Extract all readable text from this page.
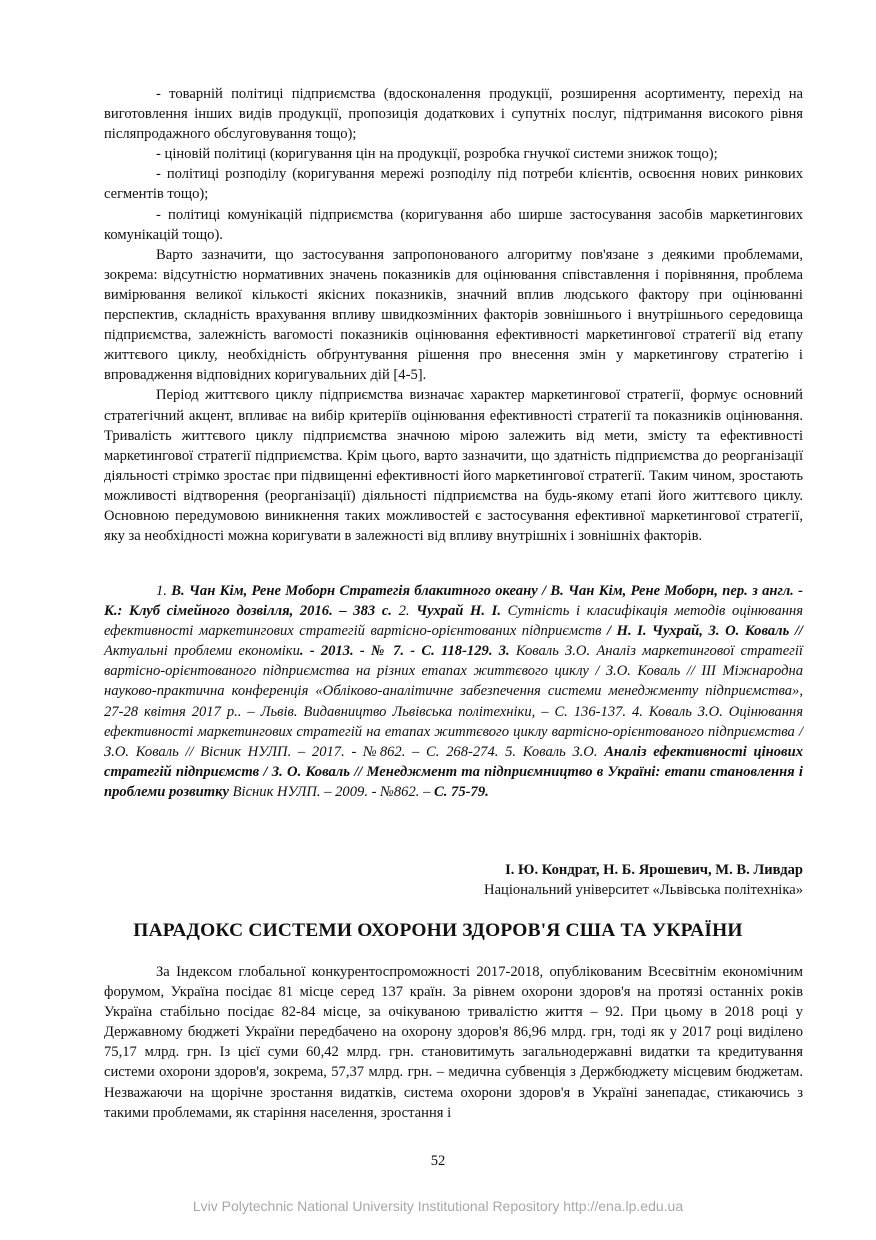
- товарній політиці підприємства (вдосконалення продукції, розширення асортименту, перехід на виготовлення інших видів продукції, пропозиція додаткових і супутніх послуг, підтримання високого рівня післяпродажного обслуговування тощо);

- ціновій політиці (коригування цін на продукції, розробка гнучкої системи знижок тощо);

- політиці розподілу (коригування мережі розподілу під потреби клієнтів, освоєння нових ринкових сегментів тощо);

- політиці комунікацій підприємства (коригування або ширше застосування засобів маркетингових комунікацій тощо).

Варто зазначити, що застосування запропонованого алгоритму пов'язане з деякими проблемами, зокрема: відсутністю нормативних значень показників для оцінювання співставлення і порівняння, проблема вимірювання великої кількості якісних показників, значний вплив людського фактору при оцінюванні перспектив, складність врахування впливу швидкозмінних факторів зовнішнього і внутрішнього середовища підприємства, залежність вагомості показників оцінювання ефективності маркетингової стратегії від етапу життєвого циклу, необхідність обґрунтування рішення про внесення змін у маркетингову стратегію і впровадження відповідних коригувальних дій [4-5].

Період життєвого циклу підприємства визначає характер маркетингової стратегії, формує основний стратегічний акцент, впливає на вибір критеріїв оцінювання ефективності стратегії та показників оцінювання. Тривалість життєвого циклу підприємства значною мірою залежить від мети, змісту та ефективності маркетингової стратегії підприємства. Крім цього, варто зазначити, що здатність підприємства до реорганізації діяльності стрімко зростає при підвищенні ефективності його маркетингової стратегії. Таким чином, зростають можливості відтворення (реорганізації) діяльності підприємства на будь-якому етапі його життєвого циклу. Основною передумовою виникнення таких можливостей є застосування ефективної маркетингової стратегії, яку за необхідності можна коригувати в залежності від впливу внутрішніх і зовнішніх факторів.

1. В. Чан Кім, Рене Моборн Стратегія блакитного океану / В. Чан Кім, Рене Моборн, пер. з англ. - К.: Клуб сімейного дозвілля, 2016. – 383 с. 2. Чухрай Н. І. Сутність і класифікація методів оцінювання ефективності маркетингових стратегій вартісно-орієнтованих підприємств / Н. І. Чухрай, З. О. Коваль // Актуальні проблеми економіки. - 2013. - № 7. - С. 118-129. 3. Коваль З.О. Аналіз маркетингової стратегії вартісно-орієнтованого підприємства на різних етапах життєвого циклу / З.О. Коваль // ІІІ Міжнародна науково-практична конференція «Обліково-аналітичне забезпечення системи менеджменту підприємства», 27-28 квітня 2017 р.. – Львів. Видавництво Львівська політехніки, – С. 136-137. 4. Коваль З.О. Оцінювання ефективності маркетингових стратегій на етапах життєвого циклу вартісно-орієнтованого підприємства / З.О. Коваль // Вісник НУЛП. – 2017. - №862. – С. 268-274. 5. Коваль З.О. Аналіз ефективності цінових стратегій підприємств / З. О. Коваль // Менеджмент та підприємництво в Україні: етапи становлення і проблеми розвитку Вісник НУЛП. – 2009. - №862. – С. 75-79.

І. Ю. Кондрат, Н. Б. Ярошевич, М. В. Ливдар
Національний університет «Львівська політехніка»
ПАРАДОКС СИСТЕМИ ОХОРОНИ ЗДОРОВ'Я США ТА УКРАЇНИ

За Індексом глобальної конкурентоспроможності 2017-2018, опублікованим Всесвітнім економічним форумом, Україна посідає 81 місце серед 137 країн. За рівнем охорони здоров'я на протязі останніх років Україна стабільно посідає 82-84 місце, за очікуваною тривалістю життя – 92. При цьому в 2018 році у Державному бюджеті України передбачено на охорону здоров'я 86,96 млрд. грн, тоді як у 2017 році виділено 75,17 млрд. грн. Із цієї суми 60,42 млрд. грн. становитимуть загальнодержавні видатки та кредитування системи охорони здоров'я, зокрема, 57,37 млрд. грн. – медична субвенція з Держбюджету місцевим бюджетам. Незважаючи на щорічне зростання видатків, система охорони здоров'я в Україні занепадає, стикаючись з такими проблемами, як старіння населення, зростання і

52
Lviv Polytechnic National University Institutional Repository http://ena.lp.edu.ua
